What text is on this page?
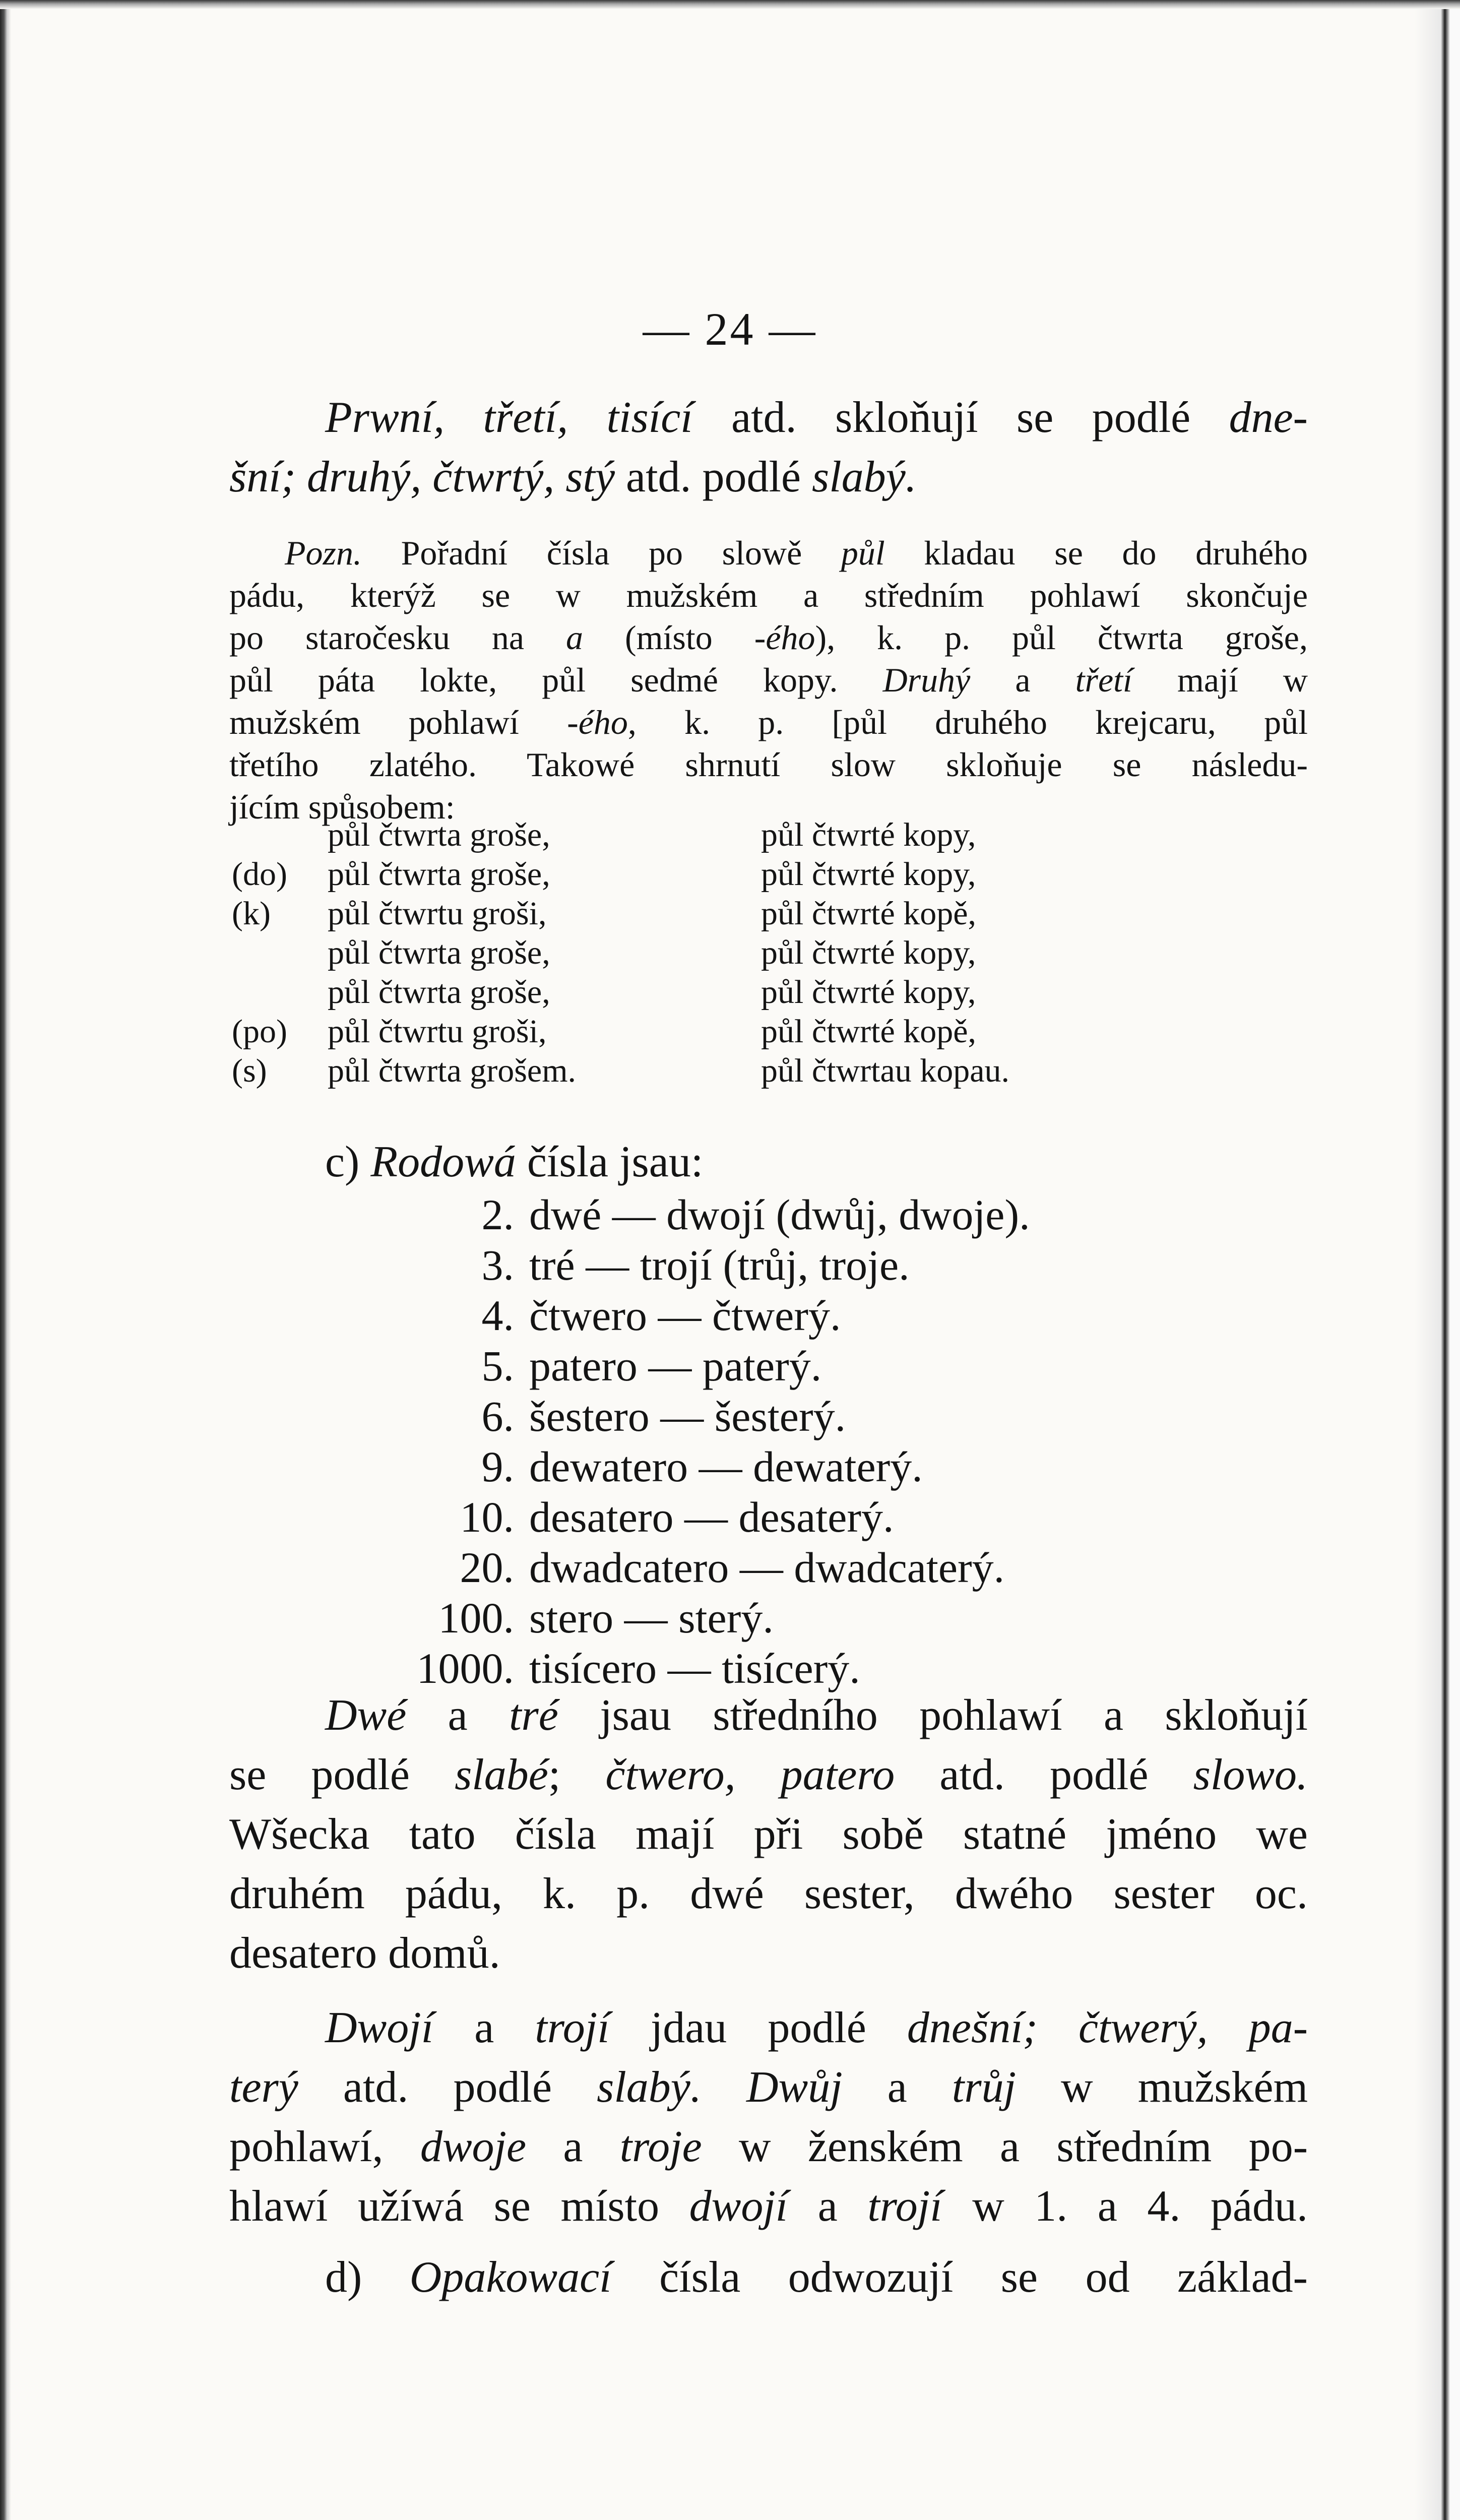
— 24 —
Prwní, třetí, tisící atd. skloňují se podlé dne-
šní; druhý, čtwrtý, stý atd. podlé slabý.
Pozn. Pořadní čísla po slowě půl kladau se do druhého
pádu, kterýž se w mužském a středním pohlawí skončuje
po staročesku na a (místo -ého), k. p. půl čtwrta groše,
půl páta lokte, půl sedmé kopy. Druhý a třetí mají w
mužském pohlawí -ého, k. p. [půl druhého krejcaru, půl
třetího zlatého. Takowé shrnutí slow skloňuje se následu-
jícím spůsobem:
půl čtwrta groše,
(do) půl čtwrta groše,
(k) půl čtwrtu groši,
půl čtwrta groše,
půl čtwrta groše,
(po) půl čtwrtu groši,
(s) půl čtwrta grošem.
půl čtwrté kopy,
půl čtwrté kopy,
půl čtwrté kopě,
půl čtwrté kopy,
půl čtwrté kopy,
půl čtwrté kopě,
půl čtwrtau kopau.
c) Rodowá čísla jsau:
2. dwé — dwojí (dwůj, dwoje).
3. tré — trojí (trůj, troje.
4. čtwero — čtwerý.
5. patero — paterý.
6. šestero — šesterý.
9. dewatero — dewaterý.
10. desatero — desaterý.
20. dwadcatero — dwadcaterý.
100. stero — sterý.
1000. tisícero — tisícerý.
Dwé a tré jsau středního pohlawí a skloňují
se podlé slabé; čtwero, patero atd. podlé slowo.
Wšecka tato čísla mají při sobě statné jméno we
druhém pádu, k. p. dwé sester, dwého sester oc.
desatero domů.
Dwojí a trojí jdau podlé dnešní; čtwerý, pa-
terý atd. podlé slabý. Dwůj a trůj w mužském
pohlawí, dwoje a troje w ženském a středním po-
hlawí užíwá se místo dwojí a trojí w 1. a 4. pádu.
d) Opakowací čísla odwozují se od základ-
